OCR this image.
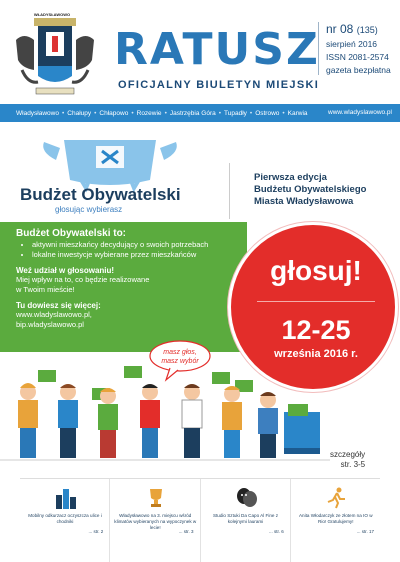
WŁADYSŁAWOWO
RATUSZ
OFICJALNY BIULETYN MIEJSKI
nr 08 (135)
sierpień 2016
ISSN 2081-2574
gazeta bezpłatna
Władysławowo • Chałupy • Chłapowo • Rozewie • Jastrzębia Góra • Tupadły • Ostrowo • Karwia	www.wladyslawowo.pl
Budżet Obywatelski
głosując wybierasz
Pierwsza edycja
Budżetu Obywatelskiego
Miasta Władysławowa
Budżet Obywatelski to:
• aktywni mieszkańcy decydujący o swoich potrzebach
• lokalne inwestycje wybierane przez mieszkańców
Weź udział w głosowaniu!
Miej wpływ na to, co będzie realizowane
w Twoim mieście!
Tu dowiesz się więcej:
www.wladyslawowo.pl,
bip.wladyslawowo.pl
głosuj!
12-25
września 2016 r.
masz głos,
masz wybór
szczegóły
str. 3-5
Mobilny odkurzacz oczyszcza ulice i chodniki
... str. 2
Władysławowo na 3. miejscu wśród klimatów wybieranych na wypoczynek w lecie!
... str. 3
Studio Sztuki Da Capo Al Fine z kolejnymi laurami
... str. 6
Anita Włodarczyk ze złotem na IO w Rio! Gratulujemy!
... str. 17
